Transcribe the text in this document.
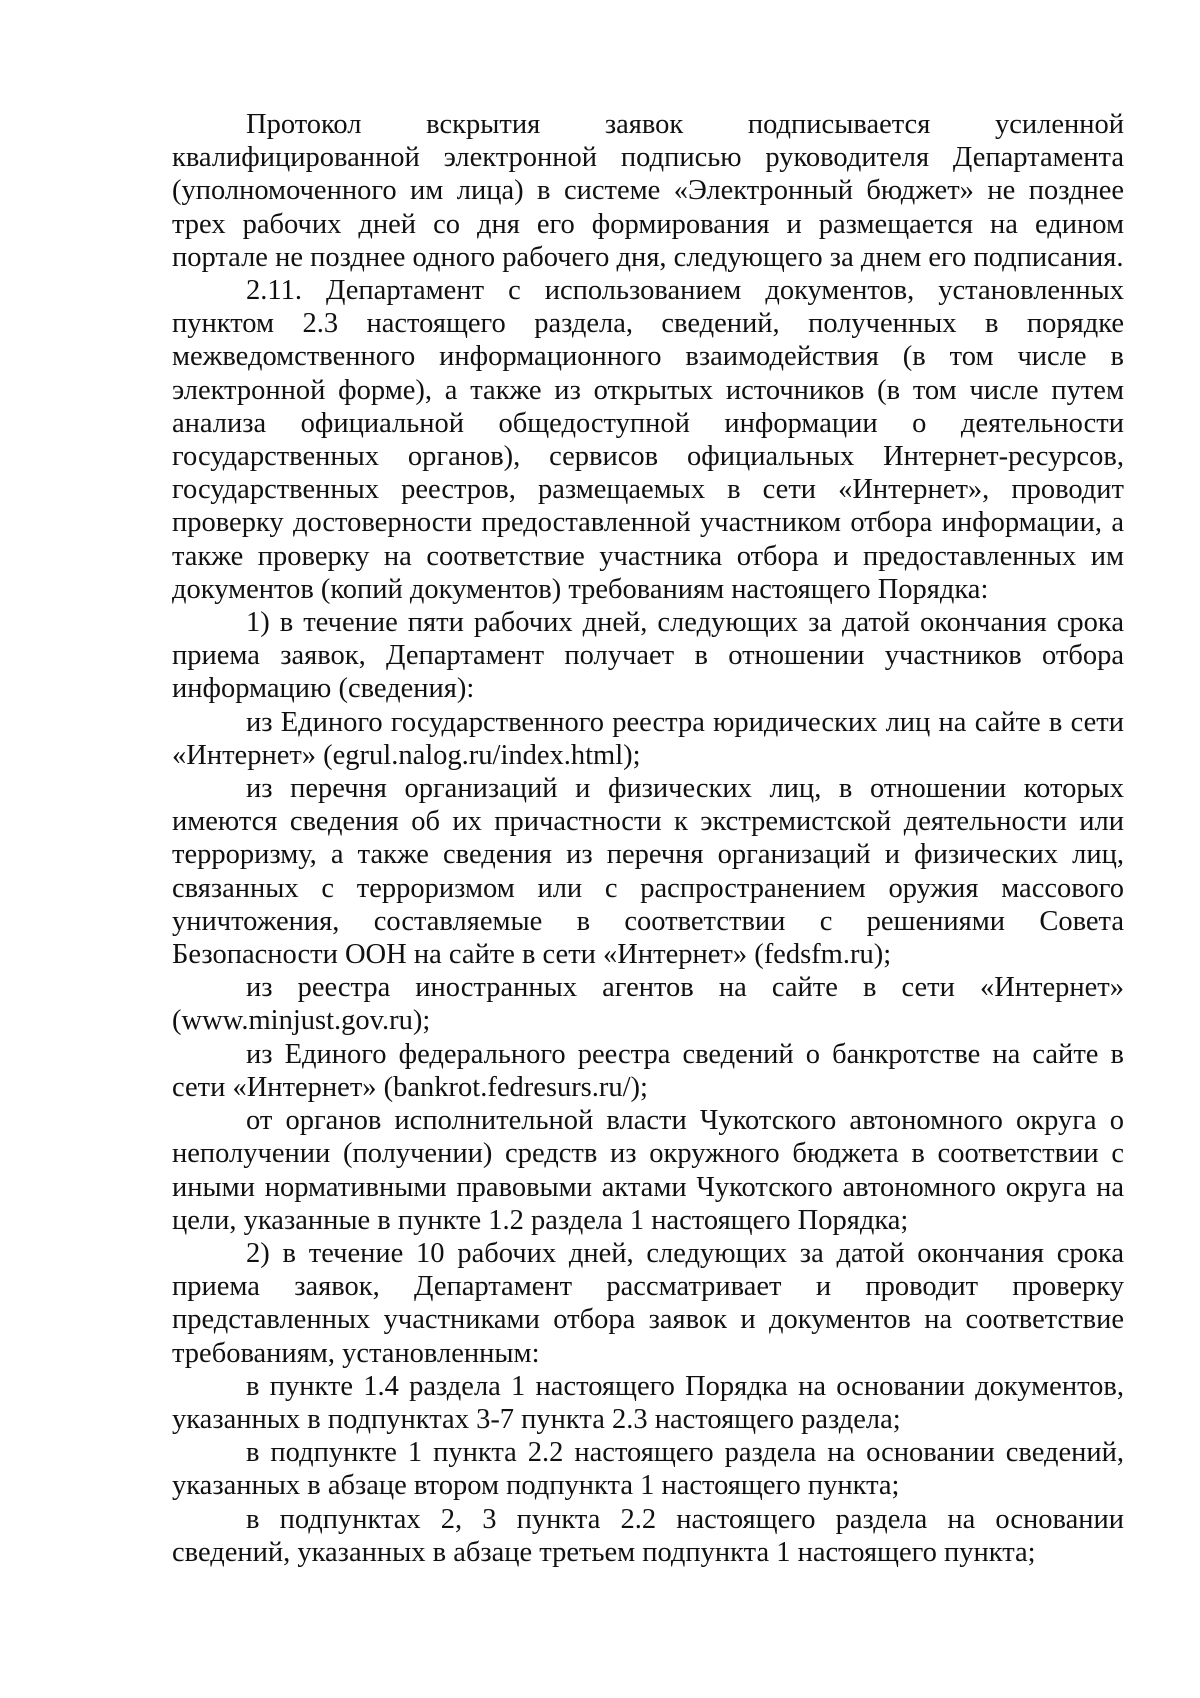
Протокол вскрытия заявок подписывается усиленной квалифицированной электронной подписью руководителя Департамента (уполномоченного им лица) в системе «Электронный бюджет» не позднее трех рабочих дней со дня его формирования и размещается на едином портале не позднее одного рабочего дня, следующего за днем его подписания.

2.11. Департамент с использованием документов, установленных пунктом 2.3 настоящего раздела, сведений, полученных в порядке межведомственного информационного взаимодействия (в том числе в электронной форме), а также из открытых источников (в том числе путем анализа официальной общедоступной информации о деятельности государственных органов), сервисов официальных Интернет-ресурсов, государственных реестров, размещаемых в сети «Интернет», проводит проверку достоверности предоставленной участником отбора информации, а также проверку на соответствие участника отбора и предоставленных им документов (копий документов) требованиям настоящего Порядка:

1) в течение пяти рабочих дней, следующих за датой окончания срока приема заявок, Департамент получает в отношении участников отбора информацию (сведения):

из Единого государственного реестра юридических лиц на сайте в сети «Интернет» (egrul.nalog.ru/index.html);

из перечня организаций и физических лиц, в отношении которых имеются сведения об их причастности к экстремистской деятельности или терроризму, а также сведения из перечня организаций и физических лиц, связанных с терроризмом или с распространением оружия массового уничтожения, составляемые в соответствии с решениями Совета Безопасности ООН на сайте в сети «Интернет» (fedsfm.ru);

из реестра иностранных агентов на сайте в сети «Интернет» (www.minjust.gov.ru);

из Единого федерального реестра сведений о банкротстве на сайте в сети «Интернет» (bankrot.fedresurs.ru/);

от органов исполнительной власти Чукотского автономного округа о неполучении (получении) средств из окружного бюджета в соответствии с иными нормативными правовыми актами Чукотского автономного округа на цели, указанные в пункте 1.2 раздела 1 настоящего Порядка;

2) в течение 10 рабочих дней, следующих за датой окончания срока приема заявок, Департамент рассматривает и проводит проверку представленных участниками отбора заявок и документов на соответствие требованиям, установленным:

в пункте 1.4 раздела 1 настоящего Порядка на основании документов, указанных в подпунктах 3-7 пункта 2.3 настоящего раздела;

в подпункте 1 пункта 2.2 настоящего раздела на основании сведений, указанных в абзаце втором подпункта 1 настоящего пункта;

в подпунктах 2, 3 пункта 2.2 настоящего раздела на основании сведений, указанных в абзаце третьем подпункта 1 настоящего пункта;
